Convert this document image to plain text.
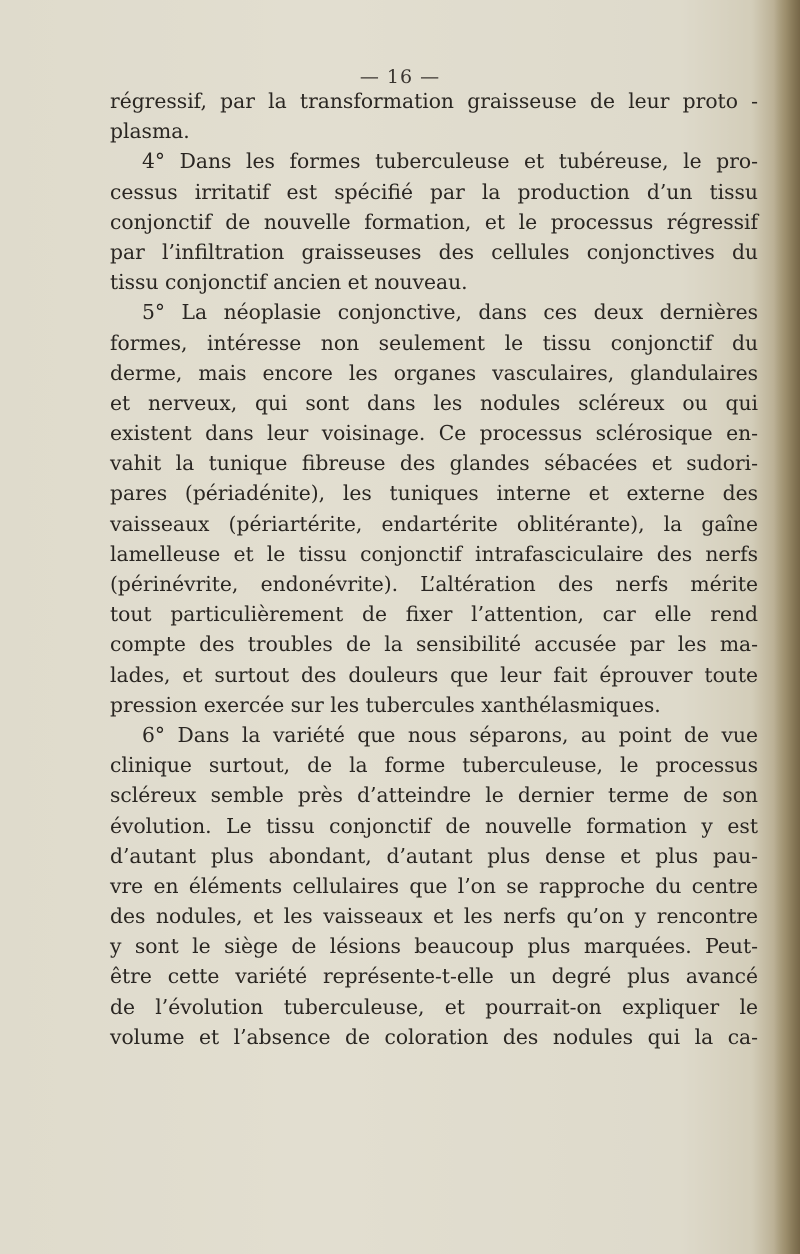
— 16 —
régressif, par la transformation graisseuse de leur proto -
plasma.
4° Dans les formes tuberculeuse et tubéreuse, le pro-
cessus irritatif est spécifié par la production d’un tissu
conjonctif de nouvelle formation, et le processus régressif
par l’infiltration graisseuses des cellules conjonctives du
tissu conjonctif ancien et nouveau.
5° La néoplasie conjonctive, dans ces deux dernières
formes, intéresse non seulement le tissu conjonctif du
derme, mais encore les organes vasculaires, glandulaires
et nerveux, qui sont dans les nodules scléreux ou qui
existent dans leur voisinage. Ce processus sclérosique en-
vahit la tunique fibreuse des glandes sébacées et sudori-
pares (périadénite), les tuniques interne et externe des
vaisseaux (périartérite, endartérite oblitérante), la gaîne
lamelleuse et le tissu conjonctif intrafasciculaire des nerfs
(périnévrite, endonévrite). L’altération des nerfs mérite
tout particulièrement de fixer l’attention, car elle rend
compte des troubles de la sensibilité accusée par les ma-
lades, et surtout des douleurs que leur fait éprouver toute
pression exercée sur les tubercules xanthélasmiques.
6° Dans la variété que nous séparons, au point de vue
clinique surtout, de la forme tuberculeuse, le processus
scléreux semble près d’atteindre le dernier terme de son
évolution. Le tissu conjonctif de nouvelle formation y est
d’autant plus abondant, d’autant plus dense et plus pau-
vre en éléments cellulaires que l’on se rapproche du centre
des nodules, et les vaisseaux et les nerfs qu’on y rencontre
y sont le siège de lésions beaucoup plus marquées. Peut-
être cette variété représente-t-elle un degré plus avancé
de l’évolution tuberculeuse, et pourrait-on expliquer le
volume et l’absence de coloration des nodules qui la ca-
